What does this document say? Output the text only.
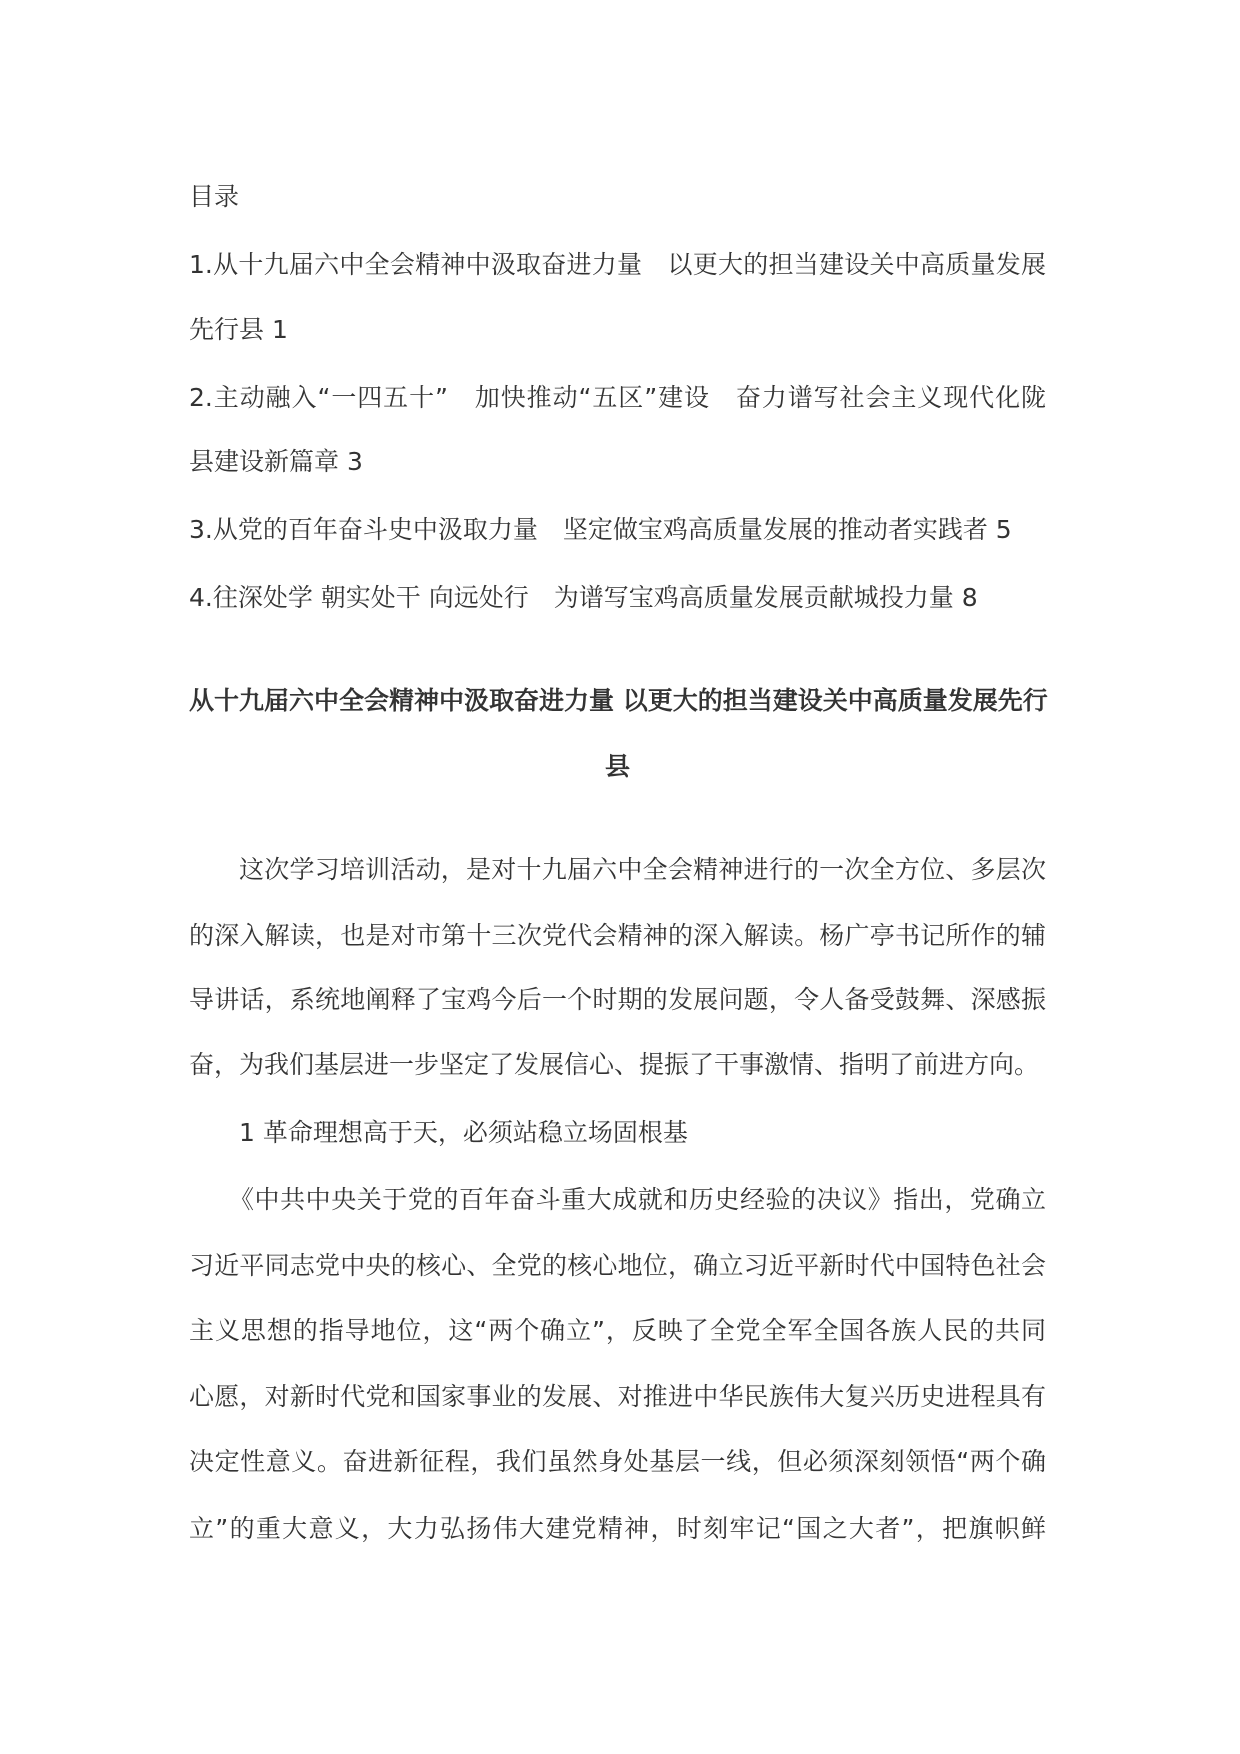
目录
1.从十九届六中全会精神中汲取奋进力量　以更大的担当建设关中高质量发展
先行县 1
2.主动融入“一四五十”　加快推动“五区”建设　奋力谱写社会主义现代化陇
县建设新篇章 3
3.从党的百年奋斗史中汲取力量　坚定做宝鸡高质量发展的推动者实践者 5
4.往深处学 朝实处干 向远处行　为谱写宝鸡高质量发展贡献城投力量 8
从十九届六中全会精神中汲取奋进力量 以更大的担当建设关中高质量发展先行
县
这次学习培训活动，是对十九届六中全会精神进行的一次全方位、多层次
的深入解读，也是对市第十三次党代会精神的深入解读。杨广亭书记所作的辅
导讲话，系统地阐释了宝鸡今后一个时期的发展问题，令人备受鼓舞、深感振
奋，为我们基层进一步坚定了发展信心、提振了干事激情、指明了前进方向。
1 革命理想高于天，必须站稳立场固根基
《中共中央关于党的百年奋斗重大成就和历史经验的决议》指出，党确立
习近平同志党中央的核心、全党的核心地位，确立习近平新时代中国特色社会
主义思想的指导地位，这“两个确立”，反映了全党全军全国各族人民的共同
心愿，对新时代党和国家事业的发展、对推进中华民族伟大复兴历史进程具有
决定性意义。奋进新征程，我们虽然身处基层一线，但必须深刻领悟“两个确
立”的重大意义，大力弘扬伟大建党精神，时刻牢记“国之大者”，把旗帜鲜
